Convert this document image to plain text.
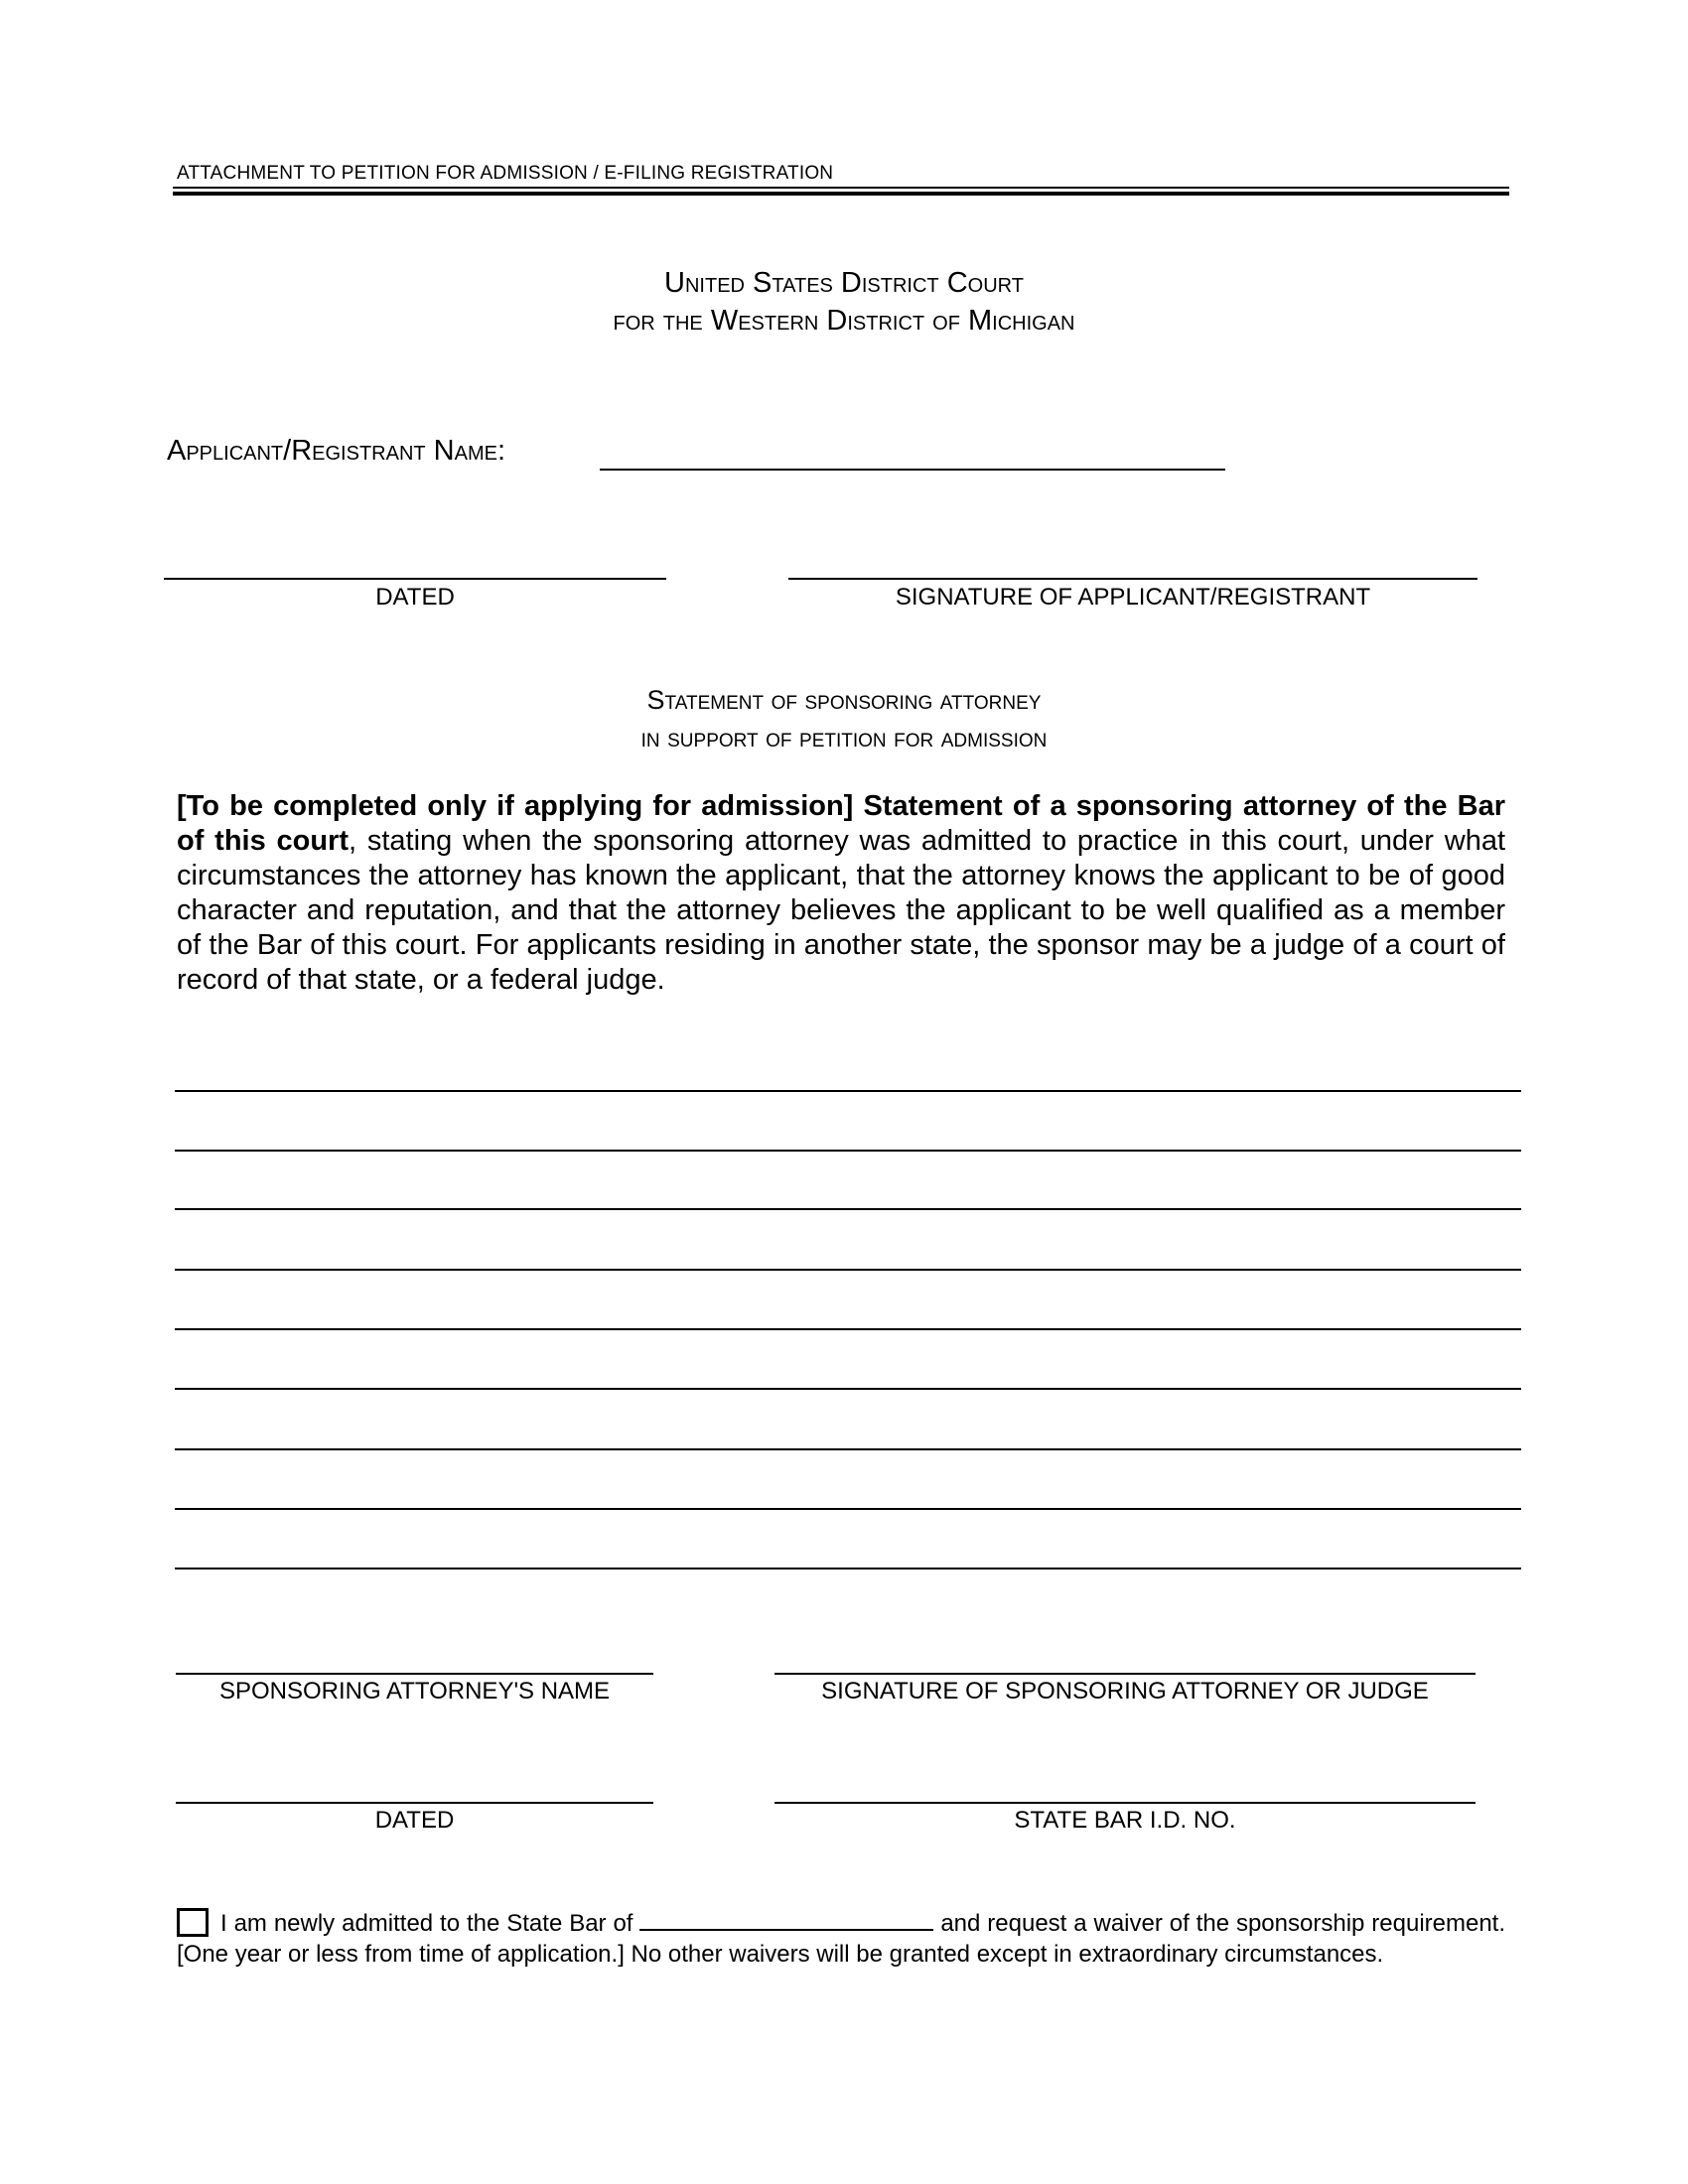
ATTACHMENT TO PETITION FOR ADMISSION / E-FILING REGISTRATION
United States District Court
for the Western District of Michigan
Applicant/Registrant Name:
DATED	SIGNATURE OF APPLICANT/REGISTRANT
Statement of sponsoring attorney
in support of petition for admission
[To be completed only if applying for admission] Statement of a sponsoring attorney of the Bar of this court, stating when the sponsoring attorney was admitted to practice in this court, under what circumstances the attorney has known the applicant, that the attorney knows the applicant to be of good character and reputation, and that the attorney believes the applicant to be well qualified as a member of the Bar of this court. For applicants residing in another state, the sponsor may be a judge of a court of record of that state, or a federal judge.
SPONSORING ATTORNEY'S NAME	SIGNATURE OF SPONSORING ATTORNEY OR JUDGE
DATED	STATE BAR I.D. NO.
I am newly admitted to the State Bar of	and request a waiver of the sponsorship requirement. [One year or less from time of application.] No other waivers will be granted except in extraordinary circumstances.
